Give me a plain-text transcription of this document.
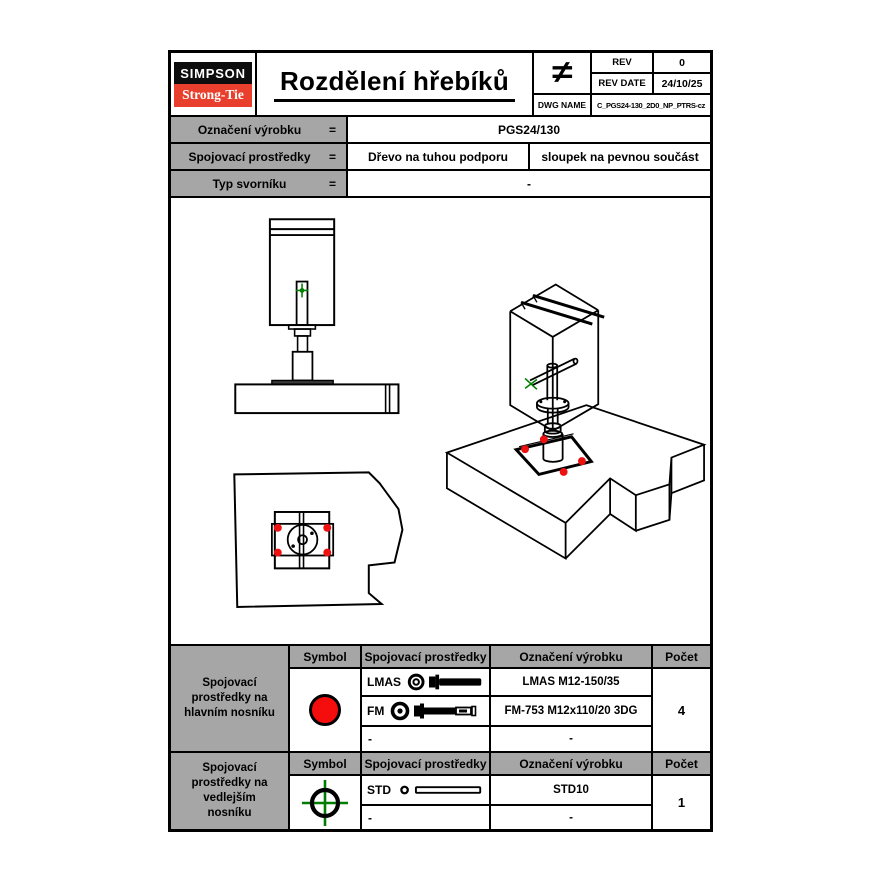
SIMPSON
Strong-Tie	Rozdělení hřebíků ≠	REV	0
REV DATE	24/10/25
DWG NAME	C_PGS24-130_2D0_NP_PTRS-cz
Označení výrobku	=	PGS24/130
Spojovací prostředky	=	Dřevo na tuhou podporu	sloupek na pevnou součást
Typ svorníku	=	-
Spojovací prostředky na hlavním nosníku
Symbol	Spojovací prostředky	Označení výrobku	Počet
LMAS	LMAS M12-150/35
FM	FM-753 M12x110/20 3DG
-	-
4
Spojovací prostředky na vedlejším nosníku
Symbol	Spojovací prostředky	Označení výrobku	Počet
STD	STD10
-	-
1
